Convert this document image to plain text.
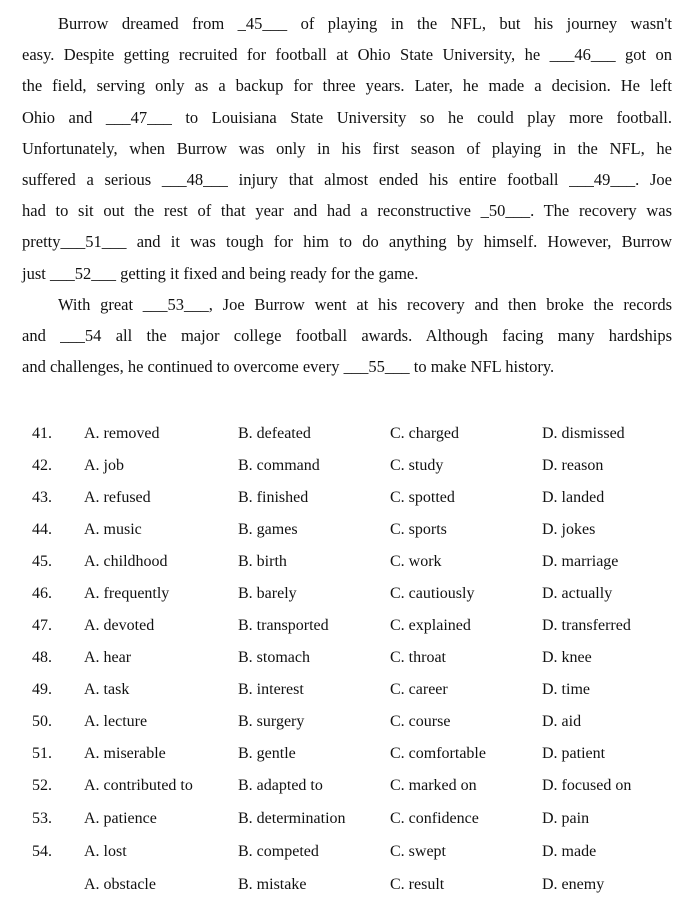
Burrow dreamed from _45___ of playing in the NFL, but his journey wasn't
easy. Despite getting recruited for football at Ohio State University, he ___46___ got on
the field, serving only as a backup for three years. Later, he made a decision. He left
Ohio and ___47___ to Louisiana State University so he could play more football.
Unfortunately, when Burrow was only in his first season of playing in the NFL, he
suffered a serious ___48___ injury that almost ended his entire football ___49___. Joe
had to sit out the rest of that year and had a reconstructive _50___. The recovery was
pretty___51___ and it was tough for him to do anything by himself. However, Burrow
just ___52___ getting it fixed and being ready for the game.
With great ___53___, Joe Burrow went at his recovery and then broke the records
and ___54 all the major college football awards. Although facing many hardships
and challenges, he continued to overcome every ___55___ to make NFL history.
41. A. removed	B. defeated	C. charged	D. dismissed
42. A. job	B. command	C. study	D. reason
43. A. refused	B. finished	C. spotted	D. landed
44. A. music	B. games	C. sports	D. jokes
45. A. childhood	B. birth	C. work	D. marriage
46. A. frequently	B. barely	C. cautiously	D. actually
47. A. devoted	B. transported	C. explained	D. transferred
48. A. hear	B. stomach	C. throat	D. knee
49. A. task	B. interest	C. career	D. time
50. A. lecture	B. surgery	C. course	D. aid
51. A. miserable	B. gentle	C. comfortable	D. patient
52. A. contributed to	B. adapted to	C. marked on	D. focused on
53. A. patience	B. determination	C. confidence	D. pain
54. A. lost	B. competed	C. swept	D. made
A. obstacle	B. mistake	C. result	D. enemy
